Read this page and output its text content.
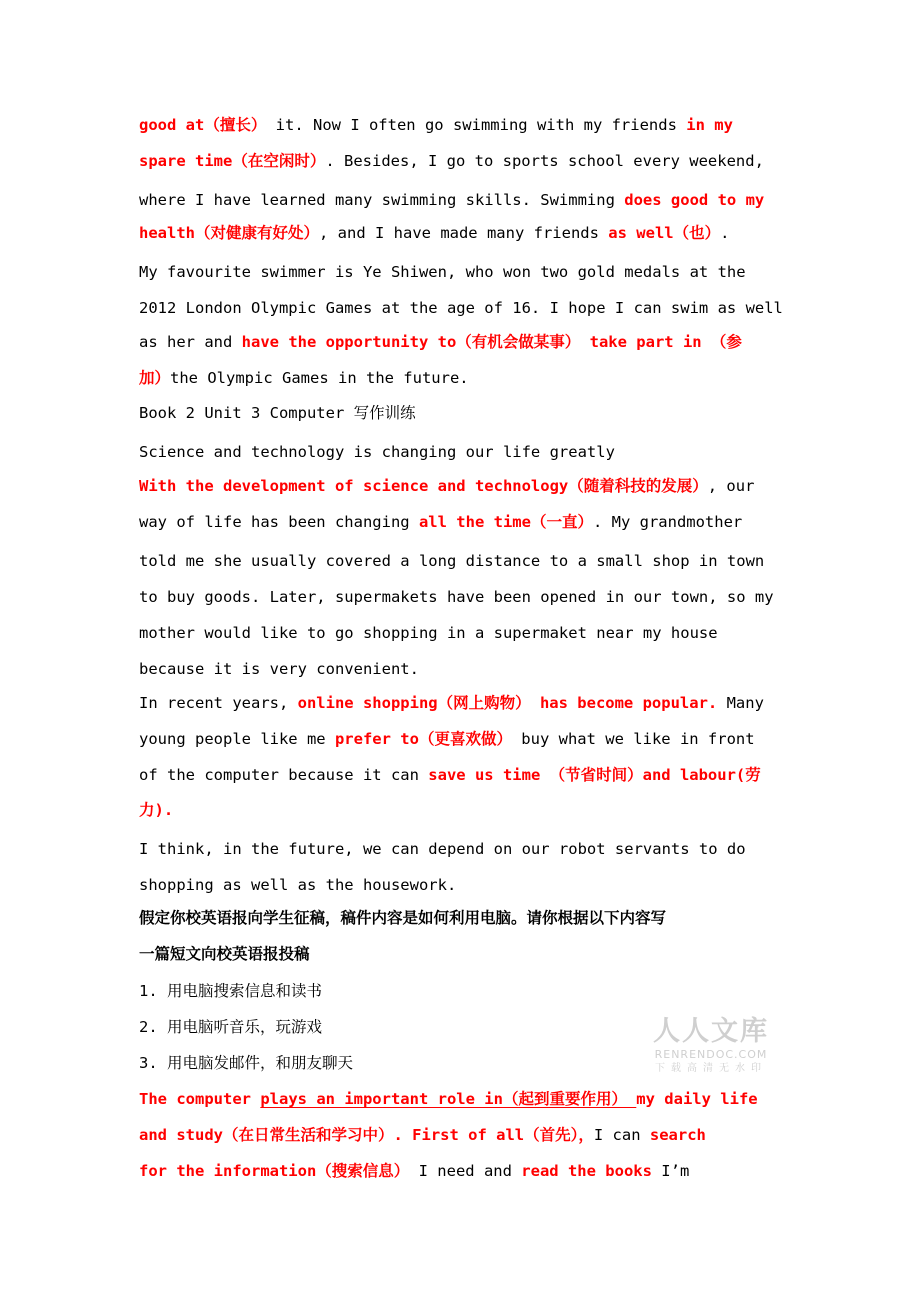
good at（擅长） it. Now I often go swimming with my friends in my
spare time（在空闲时）. Besides, I go to sports school every weekend,
where I have learned many swimming skills. Swimming does good to my
health（对健康有好处）, and I have made many friends as well（也）.
My favourite swimmer is Ye Shiwen, who won two gold medals at the
2012 London Olympic Games at the age of 16. I hope I can swim as well
as her and have the opportunity to（有机会做某事） take part in （参
加）the Olympic Games in the future.
Book 2 Unit 3 Computer 写作训练
Science and technology is changing our life greatly
With the development of science and technology（随着科技的发展）, our
way of life has been changing all the time（一直）. My grandmother
told me she usually covered a long distance to a small shop in town
to buy goods. Later, supermakets have been opened in our town, so my
mother would like to go shopping in a supermaket near my house
because it is very convenient.
In recent years, online shopping（网上购物） has become popular. Many
young people like me prefer to（更喜欢做） buy what we like in front
of the computer because it can save us time （节省时间）and labour(劳
力).
I think, in the future, we can depend on our robot servants to do
shopping as well as the housework.
假定你校英语报向学生征稿，稿件内容是如何利用电脑。请你根据以下内容写
一篇短文向校英语报投稿
1. 用电脑搜索信息和读书
2. 用电脑听音乐，玩游戏
3. 用电脑发邮件，和朋友聊天
The computer plays an important role in（起到重要作用） my daily life
and study（在日常生活和学习中）. First of all（首先），I can search
for the information（搜索信息） I need and read the books I’m
人人文库
RENRENDOC.COM
下载高清无水印
